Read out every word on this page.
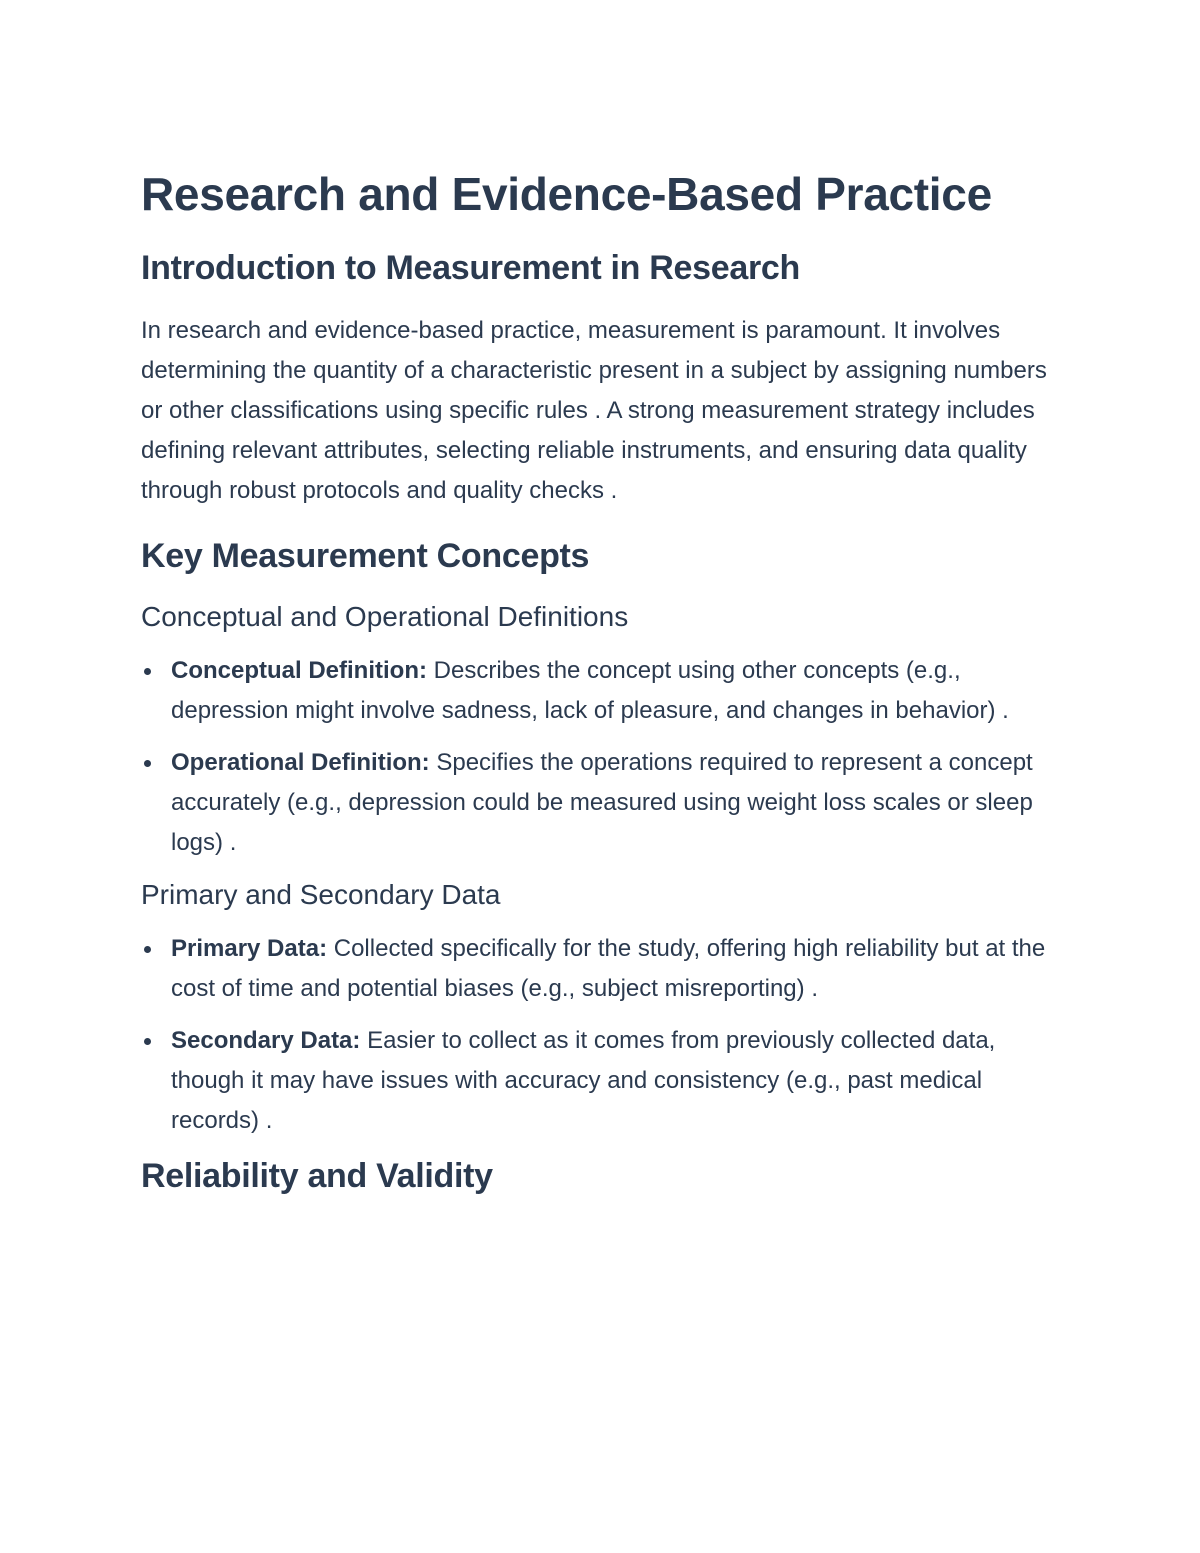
Research and Evidence-Based Practice
Introduction to Measurement in Research

In research and evidence-based practice, measurement is paramount. It involves determining the quantity of a characteristic present in a subject by assigning numbers or other classifications using specific rules . A strong measurement strategy includes defining relevant attributes, selecting reliable instruments, and ensuring data quality through robust protocols and quality checks .

Key Measurement Concepts
Conceptual and Operational Definitions
Conceptual Definition: Describes the concept using other concepts (e.g., depression might involve sadness, lack of pleasure, and changes in behavior) .
Operational Definition: Specifies the operations required to represent a concept accurately (e.g., depression could be measured using weight loss scales or sleep logs) .
Primary and Secondary Data
Primary Data: Collected specifically for the study, offering high reliability but at the cost of time and potential biases (e.g., subject misreporting) .
Secondary Data: Easier to collect as it comes from previously collected data, though it may have issues with accuracy and consistency (e.g., past medical records) .
Reliability and Validity
